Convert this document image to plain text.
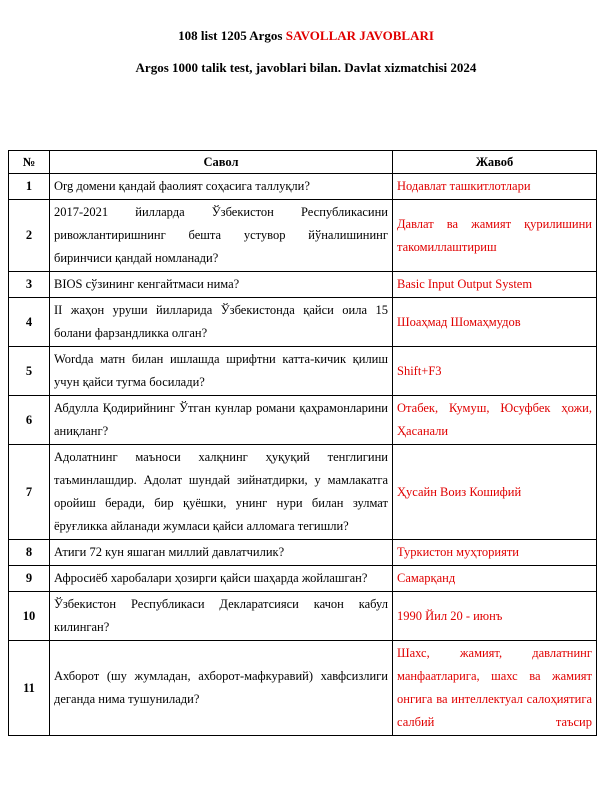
108 list 1205 Argos SAVOLLAR JAVOBLARI
Argos 1000 talik test, javoblari bilan. Davlat xizmatchisi 2024
№	Савол	Жавоб
1	Org домени қандай фаолият соҳасига таллуқли?	Нодавлат ташкитлотлари
2	2017-2021 йилларда Ўзбекистон Республикасини ривожлантиришнинг бешта устувор йўналишининг биринчиси қандай номланади?	Давлат ва жамият қурилишини такомиллаштириш
3	BIOS сўзининг кенгайтмаси нима?	Basic Input Output System
4	II жаҳон уруши йилларида Ўзбекистонда қайси оила 15 болани фарзандликка олган?	Шоаҳмад Шомаҳмудов
5	Wordда матн билан ишлашда шрифтни катта-кичик қилиш учун қайси тугма босилади?	Shift+F3
6	Абдулла Қодирийнинг Ўтган кунлар романи қаҳрамонларини аниқланг?	Отабек, Кумуш, Юсуфбек ҳожи, Ҳасанали
7	Адолатнинг маъноси халқнинг ҳуқуқий тенглигини таъминлашдир. Адолат шундай зийнатдирки, у мамлакатга оройиш беради, бир қуёшки, унинг нури билан зулмат ёруғликка айланади жумласи қайси алломага тегишли?	Ҳусайн Воиз Кошифий
8	Атиги 72 кун яшаган миллий давлатчилик?	Туркистон муҳторияти
9	Афросиёб харобалари ҳозирги қайси шаҳарда жойлашган?	Самарқанд
10	Ўзбекистон Республикаси Декларатсияси качон кабул килинган?	1990 Йил 20 - июнъ
11	Ахборот (шу жумладан, ахборот-мафкуравий) хавфсизлиги деганда нима тушунилади?	Шахс, жамият, давлатнинг манфаатларига, шахс ва жамият онгига ва интеллектуал салоҳиятига салбий таъсир
